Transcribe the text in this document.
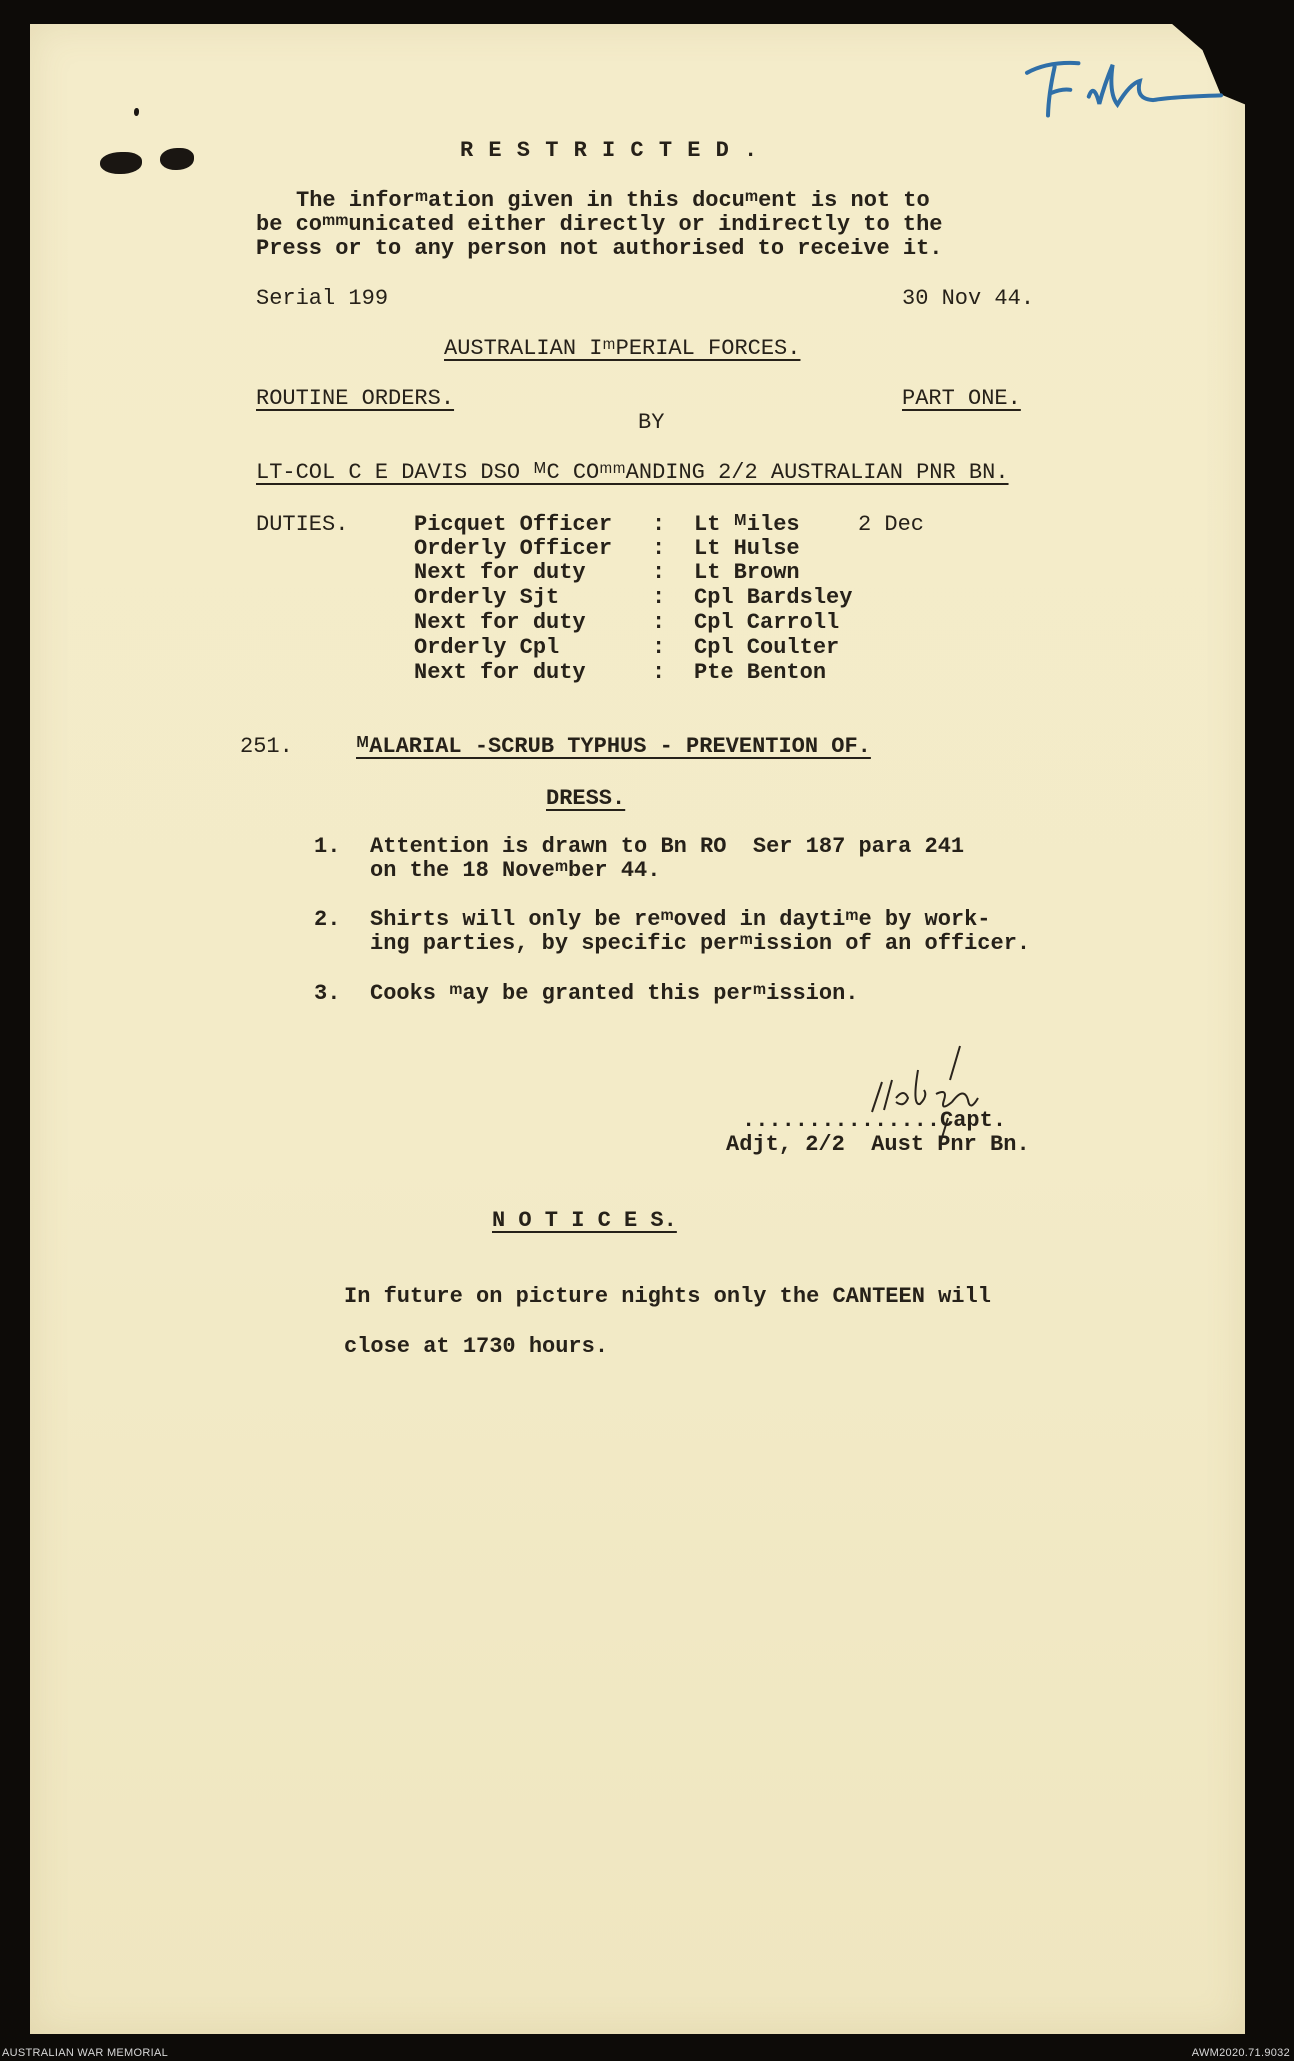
R E S T R I C T E D .
The inforᵐation given in this docuᵐent is not to
be coᵐᵐunicated either directly or indirectly to the
Press or to any person not authorised to receive it.
Serial 199	30 Nov 44.
AUSTRALIAN IᵐPERIAL FORCES.
ROUTINE ORDERS.	PART ONE.
BY
LT-COL C E DAVIS DSO ᴹC COᵐᵐANDING 2/2 AUSTRALIAN PNR BN.
DUTIES.	Picquet Officer : Lt ᴹiles	2 Dec
Orderly Officer : Lt Hulse
Next for duty	: Lt Brown
Orderly Sjt	: Cpl Bardsley
Next for duty	: Cpl Carroll
Orderly Cpl	: Cpl Coulter
Next for duty	: Pte Benton
251.	ᴹALARIAL -SCRUB TYPHUS - PREVENTION OF.
DRESS.
1. Attention is drawn to Bn RO  Ser 187 para 241
on the 18 Noveᵐber 44.
2. Shirts will only be reᵐoved in daytiᵐe by work-
ing parties, by specific perᵐission of an officer.
3. Cooks ᵐay be granted this perᵐission.
...............Capt.
Adjt, 2/2  Aust Pnr Bn.
N O T I C E S.
In future on picture nights only the CANTEEN will
close at 1730 hours.
AUSTRALIAN WAR MEMORIAL	AWM2020.71.9032
